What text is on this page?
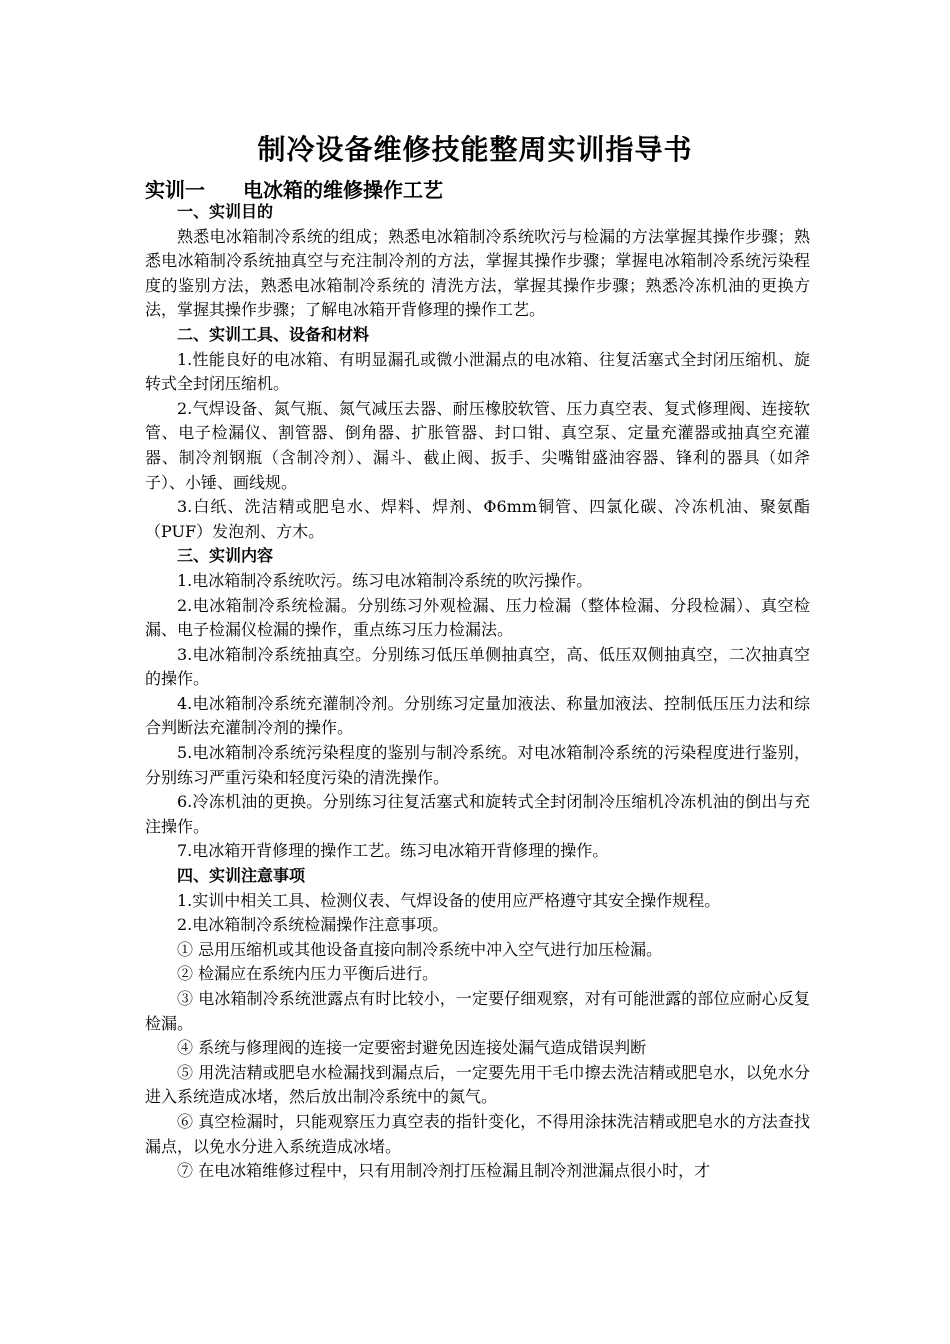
制冷设备维修技能整周实训指导书
实训一 电冰箱的维修操作工艺
一、实训目的

熟悉电冰箱制冷系统的组成；熟悉电冰箱制冷系统吹污与检漏的方法掌握其操作步骤；熟悉电冰箱制冷系统抽真空与充注制冷剂的方法，掌握其操作步骤；掌握电冰箱制冷系统污染程度的鉴别方法，熟悉电冰箱制冷系统的 清洗方法，掌握其操作步骤；熟悉冷冻机油的更换方法，掌握其操作步骤；了解电冰箱开背修理的操作工艺。

二、实训工具、设备和材料

1.性能良好的电冰箱、有明显漏孔或微小泄漏点的电冰箱、往复活塞式全封闭压缩机、旋转式全封闭压缩机。

2.气焊设备、氮气瓶、氮气减压去器、耐压橡胶软管、压力真空表、复式修理阀、连接软管、电子检漏仪、割管器、倒角器、扩胀管器、封口钳、真空泵、定量充灌器或抽真空充灌器、制冷剂钢瓶（含制冷剂）、漏斗、截止阀、扳手、尖嘴钳盛油容器、锋利的器具（如斧子）、小锤、画线规。

3.白纸、洗洁精或肥皂水、焊料、焊剂、Φ6mm铜管、四氯化碳、冷冻机油、聚氨酯（PUF）发泡剂、方木。

三、实训内容

1.电冰箱制冷系统吹污。练习电冰箱制冷系统的吹污操作。

2.电冰箱制冷系统检漏。分别练习外观检漏、压力检漏（整体检漏、分段检漏）、真空检漏、电子检漏仪检漏的操作，重点练习压力检漏法。

3.电冰箱制冷系统抽真空。分别练习低压单侧抽真空，高、低压双侧抽真空，二次抽真空的操作。

4.电冰箱制冷系统充灌制冷剂。分别练习定量加液法、称量加液法、控制低压压力法和综合判断法充灌制冷剂的操作。

5.电冰箱制冷系统污染程度的鉴别与制冷系统。对电冰箱制冷系统的污染程度进行鉴别，分别练习严重污染和轻度污染的清洗操作。

6.冷冻机油的更换。分别练习往复活塞式和旋转式全封闭制冷压缩机冷冻机油的倒出与充注操作。

7.电冰箱开背修理的操作工艺。练习电冰箱开背修理的操作。

四、实训注意事项

1.实训中相关工具、检测仪表、气焊设备的使用应严格遵守其安全操作规程。

2.电冰箱制冷系统检漏操作注意事项。

① 忌用压缩机或其他设备直接向制冷系统中冲入空气进行加压检漏。

② 检漏应在系统内压力平衡后进行。

③ 电冰箱制冷系统泄露点有时比较小，一定要仔细观察，对有可能泄露的部位应耐心反复检漏。

④ 系统与修理阀的连接一定要密封避免因连接处漏气造成错误判断

⑤ 用洗洁精或肥皂水检漏找到漏点后，一定要先用干毛巾擦去洗洁精或肥皂水，以免水分进入系统造成冰堵，然后放出制冷系统中的氮气。

⑥ 真空检漏时，只能观察压力真空表的指针变化，不得用涂抹洗洁精或肥皂水的方法查找漏点，以免水分进入系统造成冰堵。

⑦ 在电冰箱维修过程中，只有用制冷剂打压检漏且制冷剂泄漏点很小时，才
